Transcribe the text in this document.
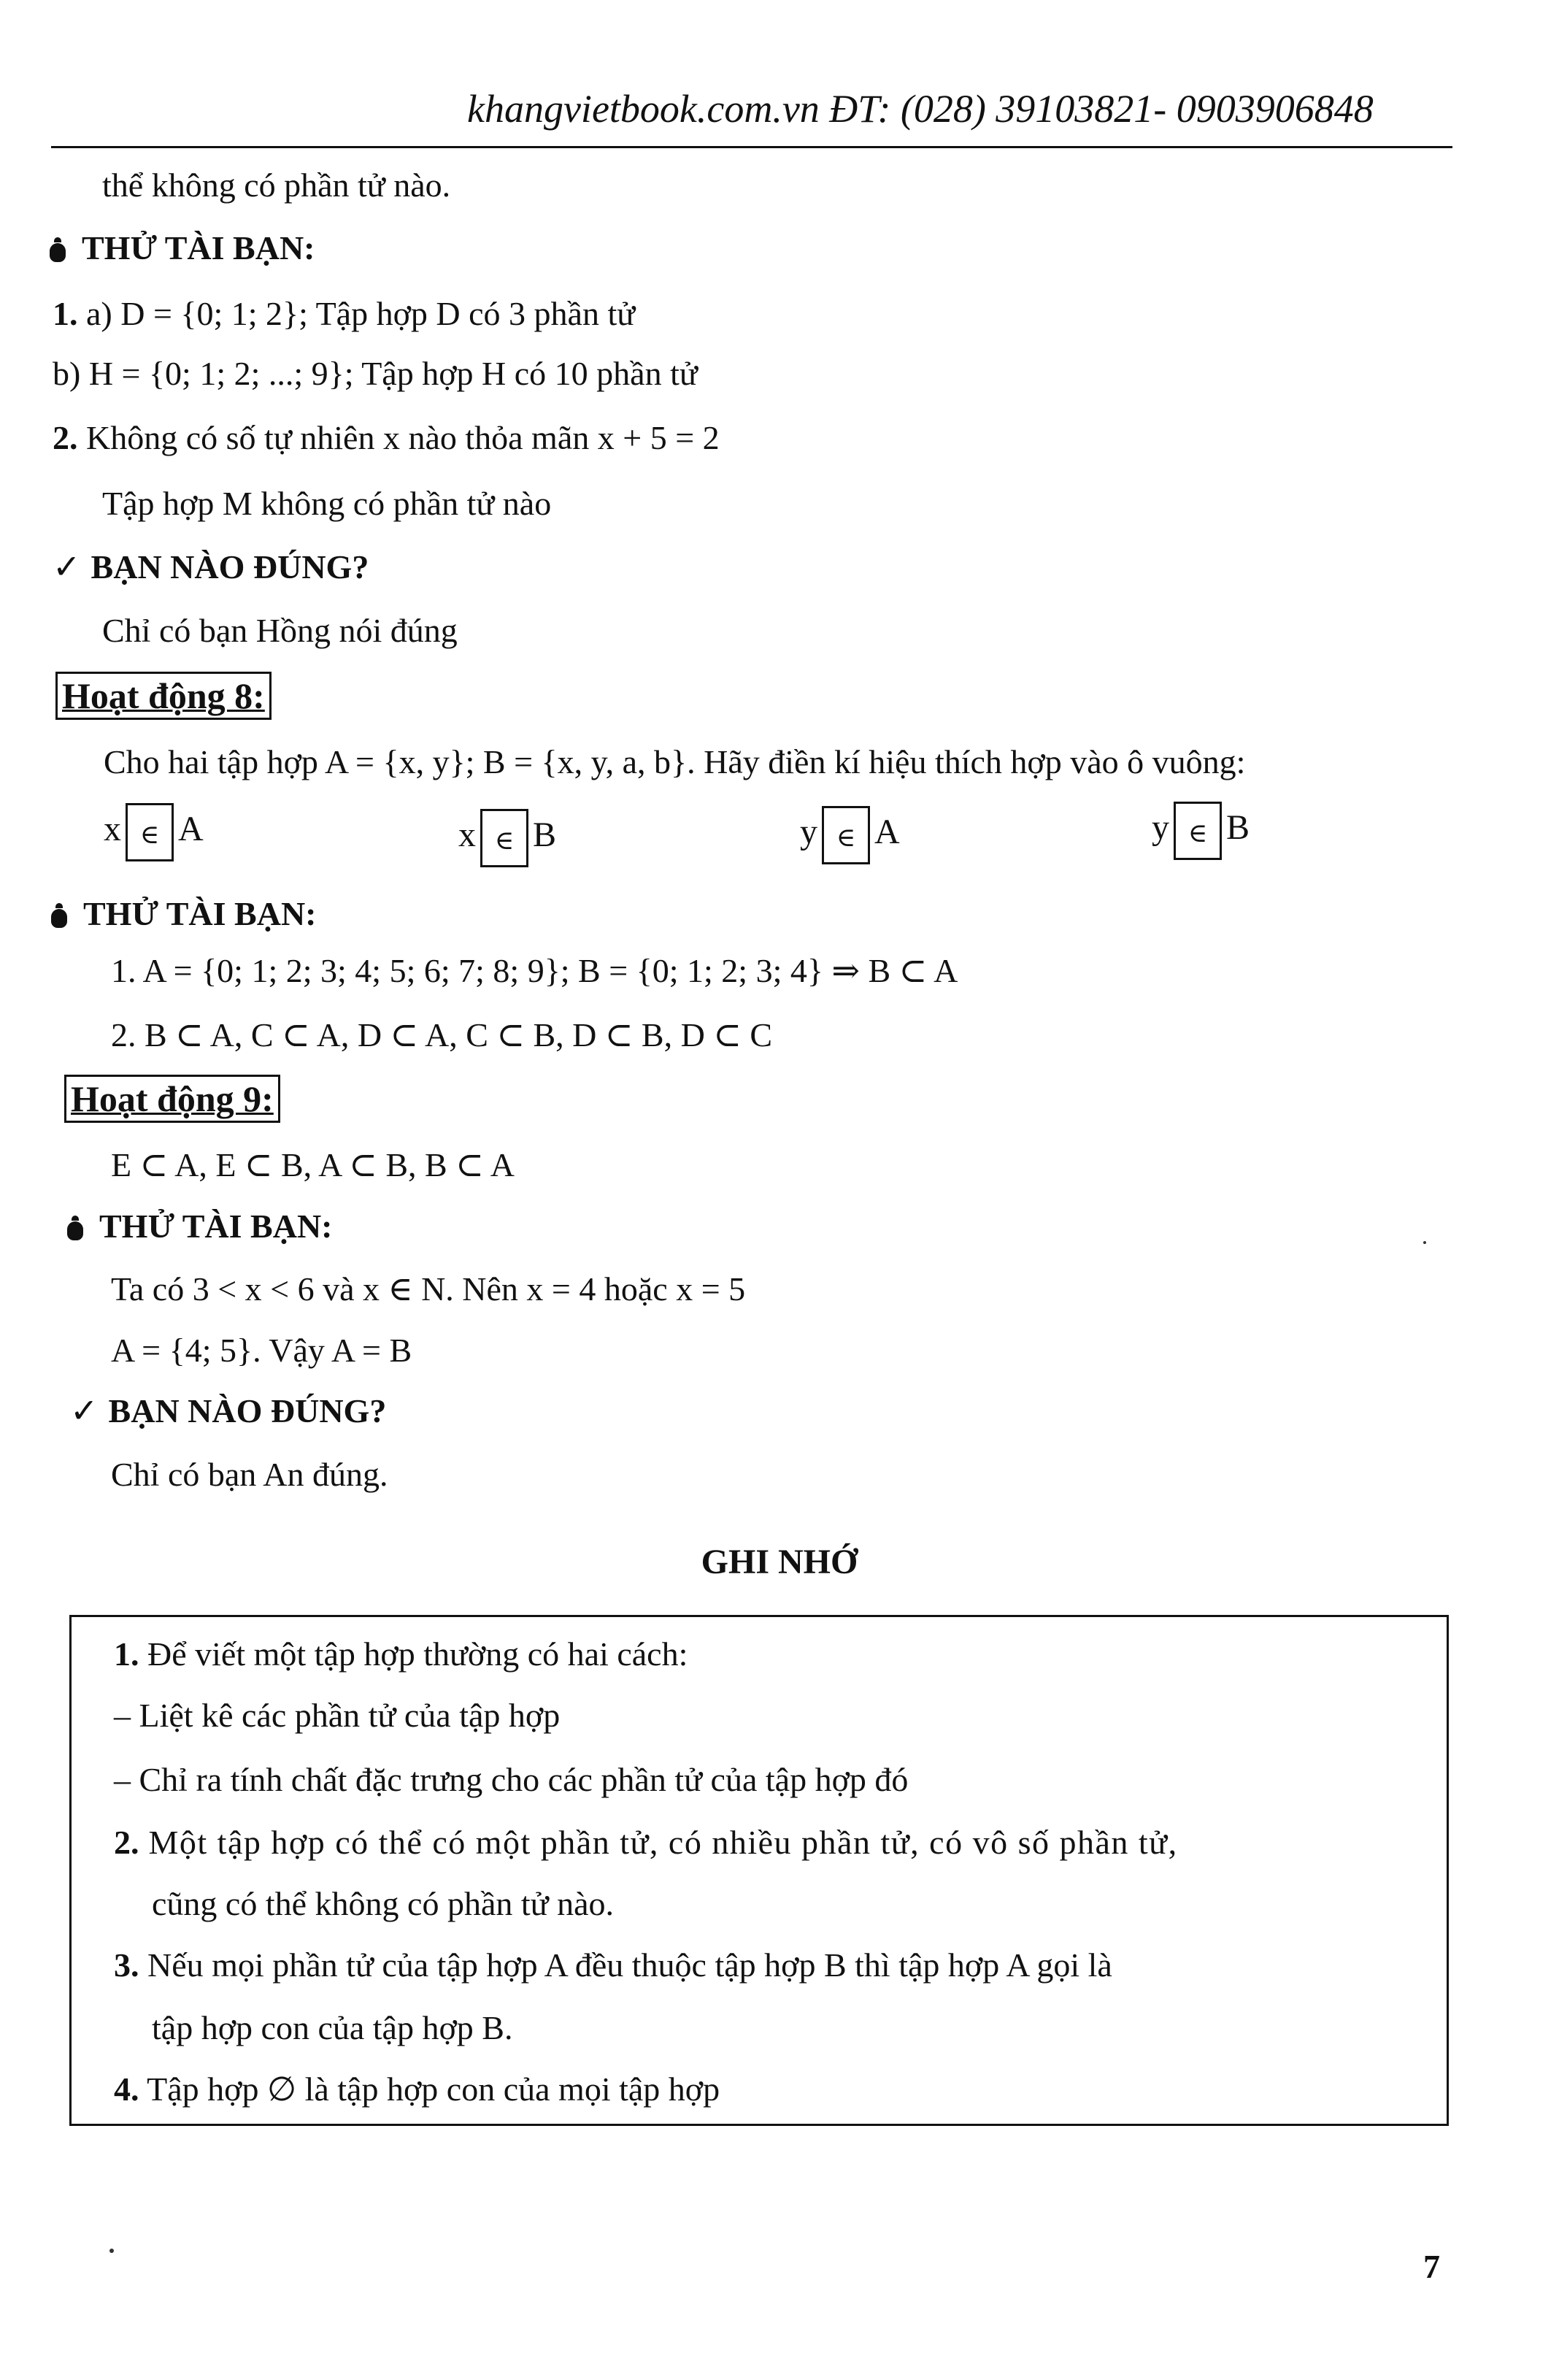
khangvietbook.com.vn ĐT: (028) 39103821- 0903906848
thể không có phần tử nào.
THỬ TÀI BẠN:
1. a) D = {0; 1; 2}; Tập hợp D có 3 phần tử
b) H = {0; 1; 2; ...; 9}; Tập hợp H có 10 phần tử
2. Không có số tự nhiên x nào thỏa mãn x + 5 = 2
Tập hợp M không có phần tử nào
✓ BẠN NÀO ĐÚNG?
Chỉ có bạn Hồng nói đúng
Hoạt động 8:
Cho hai tập hợp A = {x, y}; B = {x, y, a, b}. Hãy điền kí hiệu thích hợp vào ô vuông:
x ∈ A	x ∈ B	y ∈ A	y ∈ B
THỬ TÀI BẠN:
1. A = {0; 1; 2; 3; 4; 5; 6; 7; 8; 9}; B = {0; 1; 2; 3; 4} ⇒ B ⊂ A
2. B ⊂ A, C ⊂ A, D ⊂ A, C ⊂ B, D ⊂ B, D ⊂ C
Hoạt động 9:
E ⊂ A, E ⊂ B, A ⊂ B, B ⊂ A
THỬ TÀI BẠN:
Ta có 3 < x < 6 và x ∈ N. Nên x = 4 hoặc x = 5
A = {4; 5}. Vậy A = B
✓ BẠN NÀO ĐÚNG?
Chỉ có bạn An đúng.
GHI NHỚ
1. Để viết một tập hợp thường có hai cách:
– Liệt kê các phần tử của tập hợp
– Chỉ ra tính chất đặc trưng cho các phần tử của tập hợp đó
2. Một tập hợp có thể có một phần tử, có nhiều phần tử, có vô số phần tử,
cũng có thể không có phần tử nào.
3. Nếu mọi phần tử của tập hợp A đều thuộc tập hợp B thì tập hợp A gọi là
tập hợp con của tập hợp B.
4. Tập hợp ∅ là tập hợp con của mọi tập hợp
7
